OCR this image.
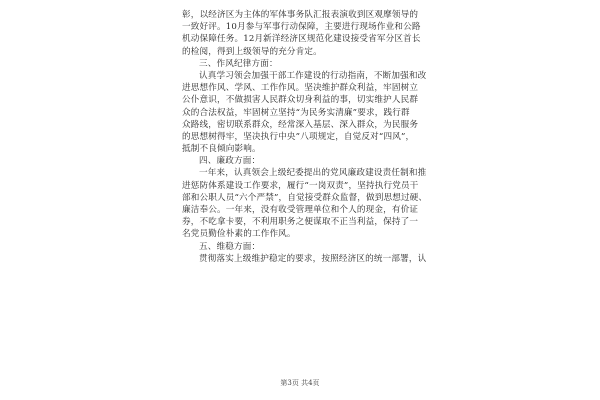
彰，以经济区为主体的军体事务队汇报表演收到区观摩领导的
一致好评。10月参与军事行动保障，主要进行现场作业和公路
机动保障任务。12月新洋经济区规范化建设接受省军分区首长
的检阅，得到上级领导的充分肯定。
三、作风纪律方面：
认真学习领会加强干部工作建设的行动指南，不断加强和改
进思想作风、学风、工作作风。坚决维护群众利益，牢固树立
公仆意识，不做损害人民群众切身利益的事，切实维护人民群
众的合法权益，牢固树立坚持“为民务实清廉”要求，践行群
众路线，密切联系群众，经常深入基层、深入群众，为民服务
的思想树得牢，坚决执行中央”八项规定，自觉反对“四风”，
抵制不良倾向影响。
四、廉政方面：
一年来，认真领会上级纪委提出的党风廉政建设责任制和推
进惩防体系建设工作要求，履行“一岗双责”，坚持执行党员干
部和公职人员“六个严禁”，自觉接受群众监督，做到思想过硬、
廉洁奉公。一年来，没有收受管理单位和个人的现金，有价证
券，不吃拿卡要，不利用职务之便谋取不正当利益，保持了一
名党员勤俭朴素的工作作风。
五、维稳方面：
贯彻落实上级维护稳定的要求，按照经济区的统一部署，认
第3页 共4页
